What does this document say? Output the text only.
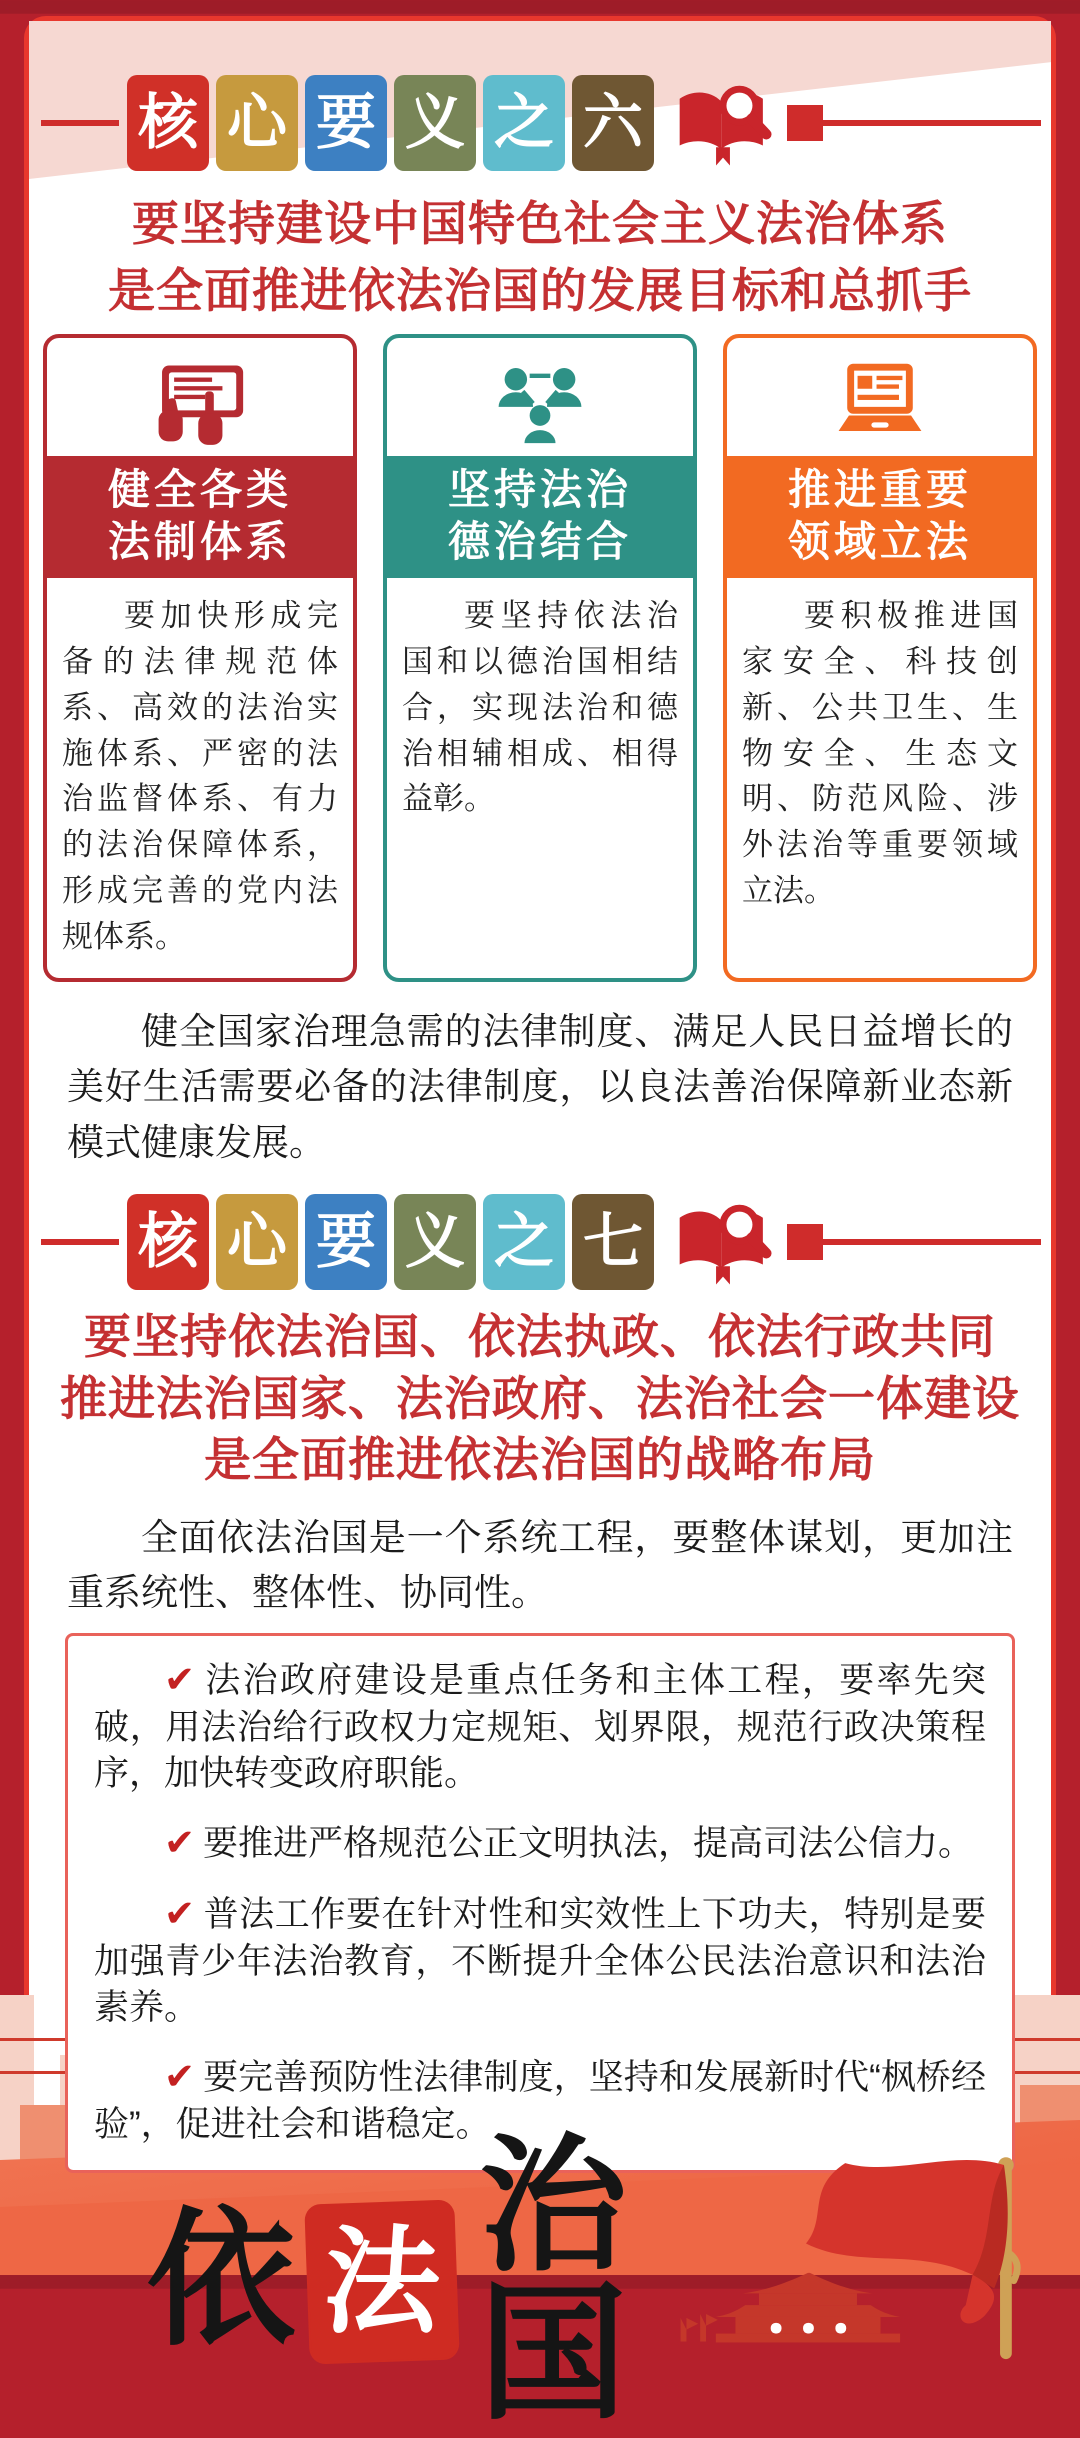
核 心 要 义 之 六
要坚持建设中国特色社会主义法治体系
是全面推进依法治国的发展目标和总抓手
健全各类
法制体系
要加快形成完备的法律规范体系、高效的法治实施体系、严密的法治监督体系、有力的法治保障体系，形成完善的党内法规体系。
坚持法治
德治结合
要坚持依法治国和以德治国相结合，实现法治和德治相辅相成、相得益彰。
推进重要
领域立法
要积极推进国家安全、科技创新、公共卫生、生物安全、生态文明、防范风险、涉外法治等重要领域立法。
健全国家治理急需的法律制度、满足人民日益增长的美好生活需要必备的法律制度，以良法善治保障新业态新模式健康发展。
核 心 要 义 之 七
要坚持依法治国、依法执政、依法行政共同
推进法治国家、法治政府、法治社会一体建设
是全面推进依法治国的战略布局
全面依法治国是一个系统工程，要整体谋划，更加注重系统性、整体性、协同性。

✔ 法治政府建设是重点任务和主体工程，要率先突破，用法治给行政权力定规矩、划界限，规范行政决策程序，加快转变政府职能。

✔ 要推进严格规范公正文明执法，提高司法公信力。

✔ 普法工作要在针对性和实效性上下功夫，特别是要加强青少年法治教育，不断提升全体公民法治意识和法治素养。

✔ 要完善预防性法律制度，坚持和发展新时代“枫桥经验”，促进社会和谐稳定。

依 法 治国
